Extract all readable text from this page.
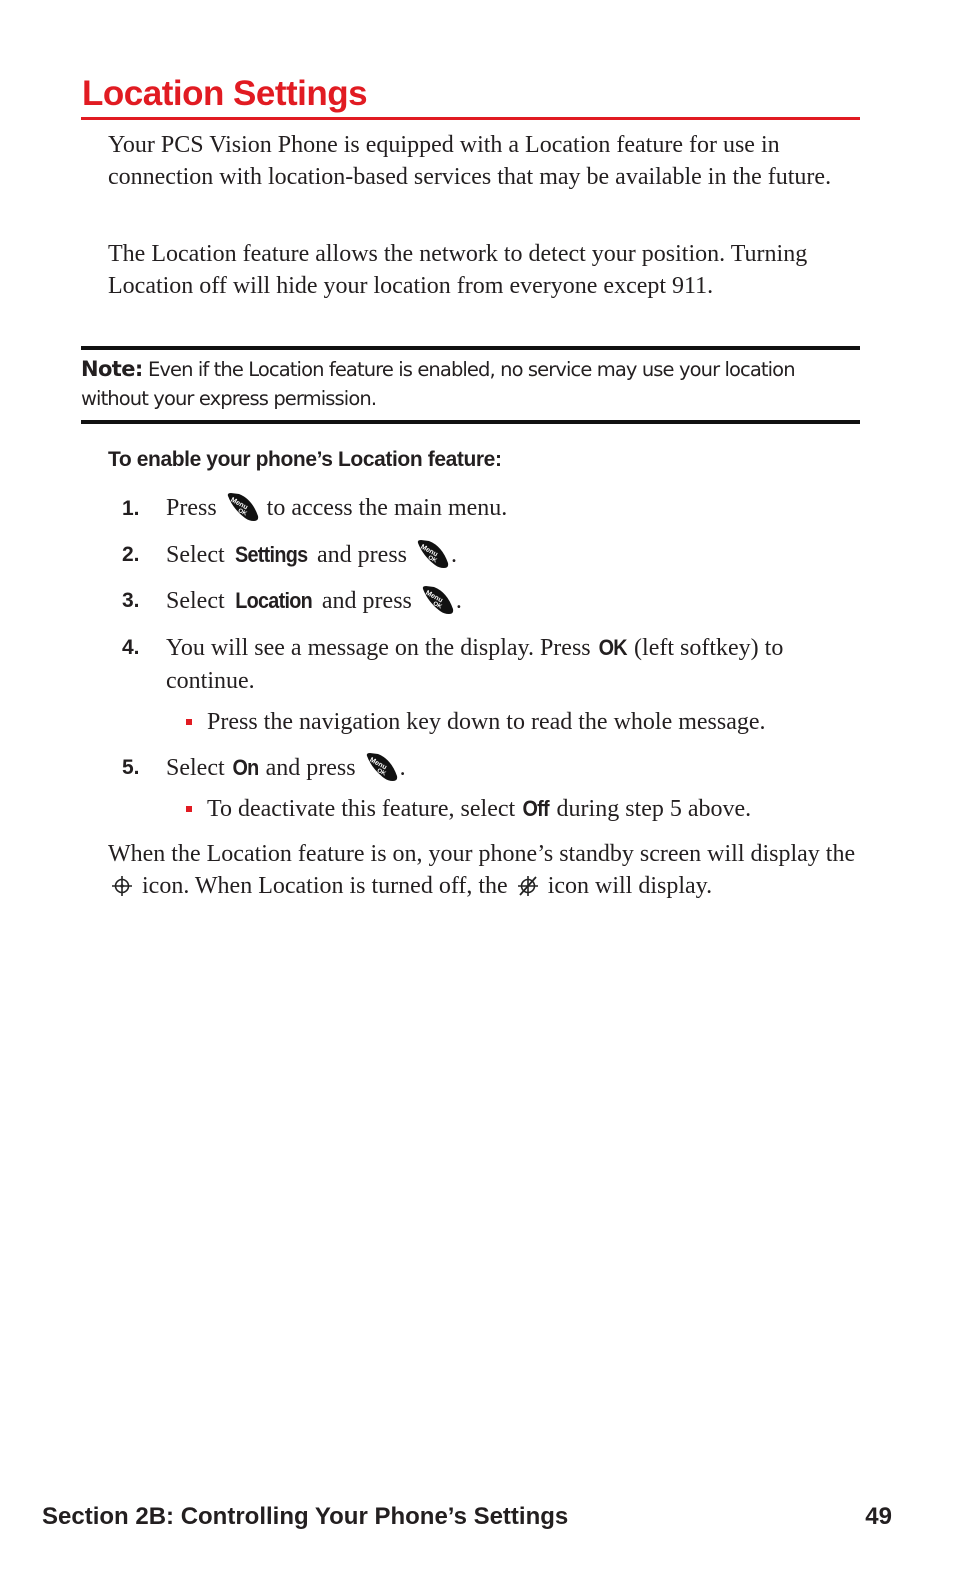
Location Settings

Your PCS Vision Phone is equipped with a Location feature for use in connection with location-based services that may be available in the future.

The Location feature allows the network to detect your position. Turning Location off will hide your location from everyone except 911.

Note: Even if the Location feature is enabled, no service may use your location without your express permission.

To enable your phone’s Location feature:

1. Press  to access the main menu.
2. Select Settings and press .
3. Select Location and press .
4. You will see a message on the display. Press OK (left softkey) to continue.
Press the navigation key down to read the whole message.
5. Select On and press .
To deactivate this feature, select Off during step 5 above.

When the Location feature is on, your phone’s standby screen will display the  icon. When Location is turned off, the  icon will display.

Section 2B: Controlling Your Phone’s Settings	49
